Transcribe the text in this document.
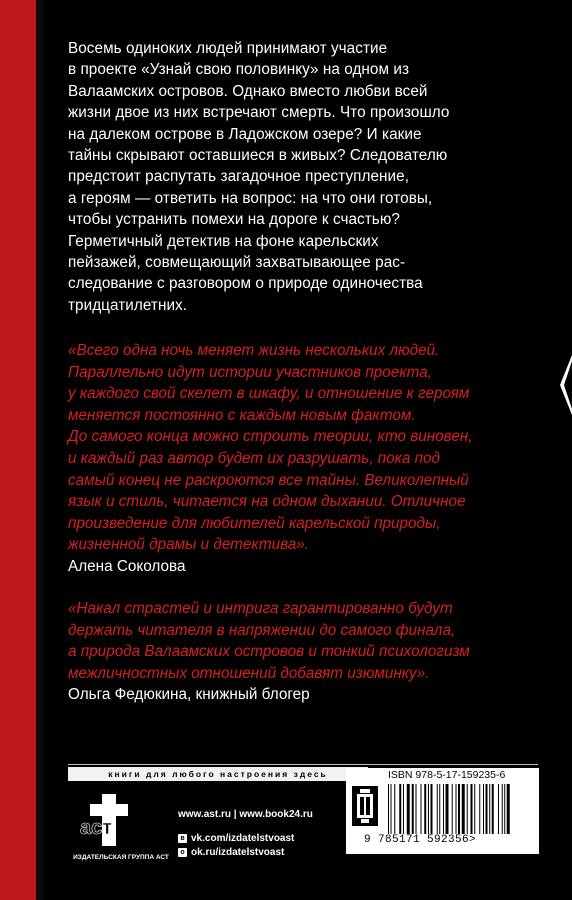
Восемь одиноких людей принимают участие
в проекте «Узнай свою половинку» на одном из
Валаамских островов. Однако вместо любви всей
жизни двое из них встречают смерть. Что произошло
на далеком острове в Ладожском озере? И какие
тайны скрывают оставшиеся в живых? Следователю
предстоит распутать загадочное преступление,
а героям — ответить на вопрос: на что они готовы,
чтобы устранить помехи на дороге к счастью?
Герметичный детектив на фоне карельских
пейзажей, совмещающий захватывающее рас-
следование с разговором о природе одиночества
тридцатилетних.
«Всего одна ночь меняет жизнь нескольких людей.
Параллельно идут истории участников проекта,
у каждого свой скелет в шкафу, и отношение к героям
меняется постоянно с каждым новым фактом.
До самого конца можно строить теории, кто виновен,
и каждый раз автор будет их разрушать, пока под
самый конец не раскроются все тайны. Великолепный
язык и стиль, читается на одном дыхании. Отличное
произведение для любителей карельской природы,
жизненной драмы и детектива».
Алена Соколова
«Накал страстей и интрига гарантированно будут
держать читателя в напряжении до самого финала,
а природа Валаамских островов и тонкий психологизм
межличностных отношений добавят изюминку».
Ольга Федюкина, книжный блогер
книги для любого настроения здесь
аст
ИЗДАТЕЛЬСКАЯ ГРУППА АСТ
www.ast.ru | www.book24.ru
в vk.com/izdatelstvoast
о ok.ru/izdatelstvoast
ISBN 978-5-17-159235-6
9 785171 592356>
